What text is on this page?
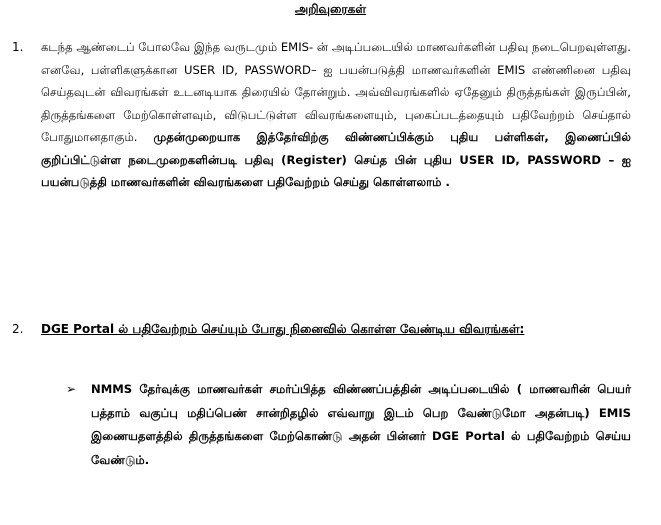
அறிவுரைகள்
1. கடந்த ஆண்டைப் போலவே இந்த வருடமும் EMIS- ன் அடிப்படையில் மாணவர்களின் பதிவு நடைபெறவுள்ளது. எனவே, பள்ளிகளுக்கான USER ID, PASSWORD– ஐ பயன்படுத்தி மாணவர்களின் EMIS எண்ணினை பதிவு செய்தவுடன் விவரங்கள் உடனடியாக திரையில் தோன்றும். அவ்விவரங்களில் ஏதேனும் திருத்தங்கள் இருப்பின், திருத்தங்களை மேற்கொள்ளவும், விடுபட்டுள்ள விவரங்களையும், புகைப்படத்தையும் பதிவேற்றம் செய்தால் போதுமானதாகும். முதன்முறையாக இத்தேர்விற்கு விண்ணப்பிக்கும் புதிய பள்ளிகள், இணைப்பில் குறிப்பிட்டுள்ள நடைமுறைகளின்படி பதிவு (Register) செய்த பின் புதிய USER ID, PASSWORD – ஐ பயன்படுத்தி மாணவர்களின் விவரங்களை பதிவேற்றம் செய்து கொள்ளலாம் .
2. DGE Portal ல் பதிவேற்றம் செய்யும் போது நினைவில் கொள்ள வேண்டிய விவரங்கள்:
➢ NMMS தேர்வுக்கு மாணவர்கள் சமர்ப்பித்த விண்ணப்பத்தின் அடிப்படையில் ( மாணவரின் பெயர் பத்தாம் வகுப்பு மதிப்பெண் சான்றிதழில் எவ்வாறு இடம் பெற வேண்டுமோ அதன்படி) EMIS இணையதளத்தில் திருத்தங்களை மேற்கொண்டு அதன் பின்னர் DGE Portal ல் பதிவேற்றம் செய்ய வேண்டும்.
